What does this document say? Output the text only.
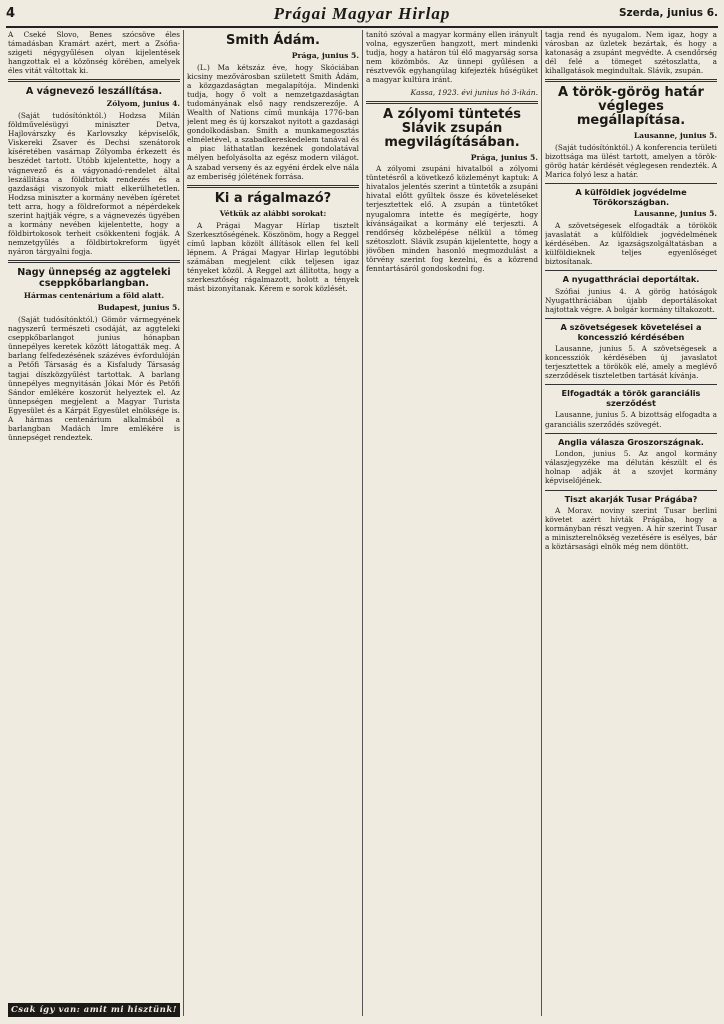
4	Prágai Magyar Hirlap	Szerda, junius 6.

A Cseké Slovo, Benes szócsöve éles támadásban Kramárt azért, mert a Zsófia-szigeti négygyűlésen olyan kijelentések hangzottak el a közönség körében, amelyek éles vitát váltottak ki.

A vágnevező leszállítása.
Zólyom, junius 4.

(Saját tudósítónktól.) Hodzsa Milán földművelésügyi miniszter Detva, Hajlovárszky és Karlovszky képviselők, Viskereki Zsaver és Dechsi szenátorok kíséretében vasárnap Zólyomba érkezett és beszédet tartott. Utóbb kijelentette, hogy a vágnevező és a vágyonadó-rendelet által leszállítása a földbirtok rendezés és a gazdasági viszonyok miatt elkerülhetetlen. Hodzsa miniszter a kormány nevében ígéretet tett arra, hogy a földreformot a népérdekek szerint hajtják végre, s a vágnevezés ügyében a kormány nevében kijelentette, hogy a földbirtokosok terheit csökkenteni fogják. A nemzetgyűlés a földbirtokreform ügyét nyáron tárgyalni fogja.

Nagy ünnepség az aggteleki cseppkőbarlangban.
Hármas centenárium a föld alatt.
Budapest, junius 5.

(Saját tudósítónktól.) Gömör vármegyének nagyszerű természeti csodáját, az aggteleki cseppkőbarlangot junius hónapban ünnepélyes keretek között látogatták meg. A barlang felfedezésének százéves évfordulóján a Petőfi Társaság és a Kisfaludy Társaság tagjai díszközgyűlést tartottak. A barlang ünnepélyes megnyitásán Jókai Mór és Petőfi Sándor emlékére koszorút helyeztek el. Az ünnepségen megjelent a Magyar Turista Egyesület és a Kárpát Egyesület elnöksége is. A hármas centenárium alkalmából a barlangban Madách Imre emlékére is ünnepséget rendeztek.

Csak így van: amit mi hisztünk!
Smith Ádám.
Prága, junius 5.

(L.) Ma kétszáz éve, hogy Skóciában kicsiny mezővárosban született Smith Ádám, a közgazdaságtan megalapítója. Mindenki tudja, hogy ő volt a nemzetgazdaságtan tudományának első nagy rendszerezője. A Wealth of Nations című munkája 1776-ban jelent meg és új korszakot nyitott a gazdasági gondolkodásban. Smith a munkamegosztás elméletével, a szabadkereskedelem tanával és a piac láthatatlan kezének gondolatával mélyen befolyásolta az egész modern világot. A szabad verseny és az egyéni érdek elve nála az emberiség jólétének forrása.

Ki a rágalmazó?
Vétkük az alábbi sorokat:

A Prágai Magyar Hírlap tisztelt Szerkesztőségének. Köszönöm, hogy a Reggel című lapban közölt állítások ellen fel kell lépnem. A Prágai Magyar Hirlap legutóbbi számában megjelent cikk teljesen igaz tényeket közöl. A Reggel azt állította, hogy a szerkesztőség rágalmazott, holott a tények mást bizonyítanak. Kérem e sorok közlését.

tanító szóval a magyar kormány ellen irányult volna, egyszerűen hangzott, mert mindenki tudja, hogy a határon túl élő magyarság sorsa nem közömbös. Az ünnepi gyűlésen a résztvevők egyhangúlag kifejezték hűségüket a magyar kultúra iránt.

Kassa, 1923. évi junius hó 3-ikán.
A zólyomi tüntetés Slávik zsupán megvilágításában.
Prága, junius 5.

A zólyomi zsupáni hivatalból a zólyomi tüntetésről a következő közleményt kaptuk: A hivatalos jelentés szerint a tüntetők a zsupáni hivatal előtt gyűltek össze és követeléseket terjesztettek elő. A zsupán a tüntetőket nyugalomra intette és megígérte, hogy kívánságaikat a kormány elé terjeszti. A rendőrség közbelépése nélkül a tömeg szétoszlott. Slávik zsupán kijelentette, hogy a jövőben minden hasonló megmozdulást a törvény szerint fog kezelni, és a közrend fenntartásáról gondoskodni fog.

tagja rend és nyugalom. Nem igaz, hogy a városban az üzletek bezártak, és hogy a katonaság a zsupánt megvédte. A csendőrség dél felé a tömeget szétoszlatta, a kihallgatások megindultak. Slávik, zsupán.

A török-görög határ végleges megállapítása.
Lausanne, junius 5.

(Saját tudósítónktól.) A konferencia területi bizottsága ma ülést tartott, amelyen a török-görög határ kérdését véglegesen rendezték. A Marica folyó lesz a határ.

A külföldiek jogvédelme Törökországban.
Lausanne, junius 5.

A szövetségesek elfogadták a törökök javaslatát a külföldiek jogvédelmének kérdésében. Az igazságszolgáltatásban a külföldieknek teljes egyenlőséget biztosítanak.

A nyugatthráciai deportáltak.

Szófiai junius 4. A görög hatóságok Nyugatthráciában újabb deportálásokat hajtottak végre. A bolgár kormány tiltakozott.

A szövetségesek követelései a koncesszió kérdésében

Lausanne, junius 5. A szövetségesek a koncessziók kérdésében új javaslatot terjesztettek a törökök elé, amely a meglévő szerződések tiszteletben tartását kívánja.

Elfogadták a török garanciális szerződést

Lausanne, junius 5. A bizottság elfogadta a garanciális szerződés szövegét.

Anglia válasza Groszországnak.

London, junius 5. Az angol kormány válaszjegyzéke ma délután készült el és holnap adják át a szovjet kormány képviselőjének.

Tiszt akarják Tusar Prágába?

A Morav. noviny szerint Tusar berlini követet azért hívták Prágába, hogy a kormányban részt vegyen. A hír szerint Tusar a miniszterelnökség vezetésére is esélyes, bár a köztársasági elnök még nem döntött.
